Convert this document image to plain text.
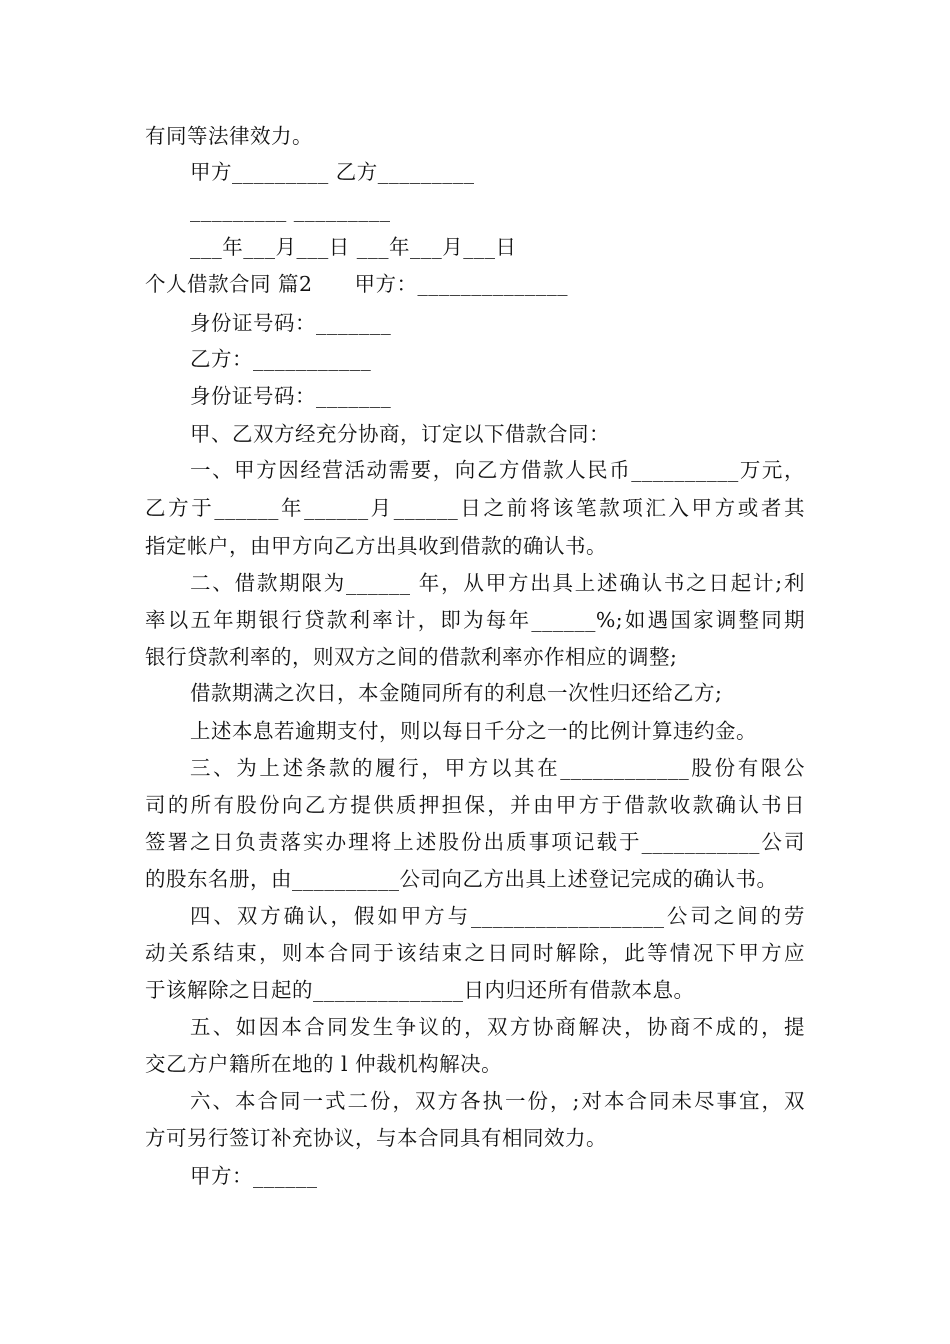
有同等法律效力。
甲方_________ 乙方_________
_________ _________
___年___月___日 ___年___月___日
个人借款合同 篇2　　甲方：______________
身份证号码：_______
乙方：___________
身份证号码：_______
甲、乙双方经充分协商，订定以下借款合同：
一、甲方因经营活动需要，向乙方借款人民币__________万元，
乙方于______年______月______日之前将该笔款项汇入甲方或者其
指定帐户，由甲方向乙方出具收到借款的确认书。
二、借款期限为______ 年，从甲方出具上述确认书之日起计;利
率以五年期银行贷款利率计，即为每年______%;如遇国家调整同期
银行贷款利率的，则双方之间的借款利率亦作相应的调整;
借款期满之次日，本金随同所有的利息一次性归还给乙方;
上述本息若逾期支付，则以每日千分之一的比例计算违约金。
三、为上述条款的履行，甲方以其在____________股份有限公
司的所有股份向乙方提供质押担保，并由甲方于借款收款确认书日
签署之日负责落实办理将上述股份出质事项记载于___________公司
的股东名册，由__________公司向乙方出具上述登记完成的确认书。
四、双方确认，假如甲方与__________________公司之间的劳
动关系结束，则本合同于该结束之日同时解除，此等情况下甲方应
于该解除之日起的______________日内归还所有借款本息。
五、如因本合同发生争议的，双方协商解决，协商不成的，提
交乙方户籍所在地的 l 仲裁机构解决。
六、本合同一式二份，双方各执一份，;对本合同未尽事宜，双
方可另行签订补充协议，与本合同具有相同效力。
甲方：______
